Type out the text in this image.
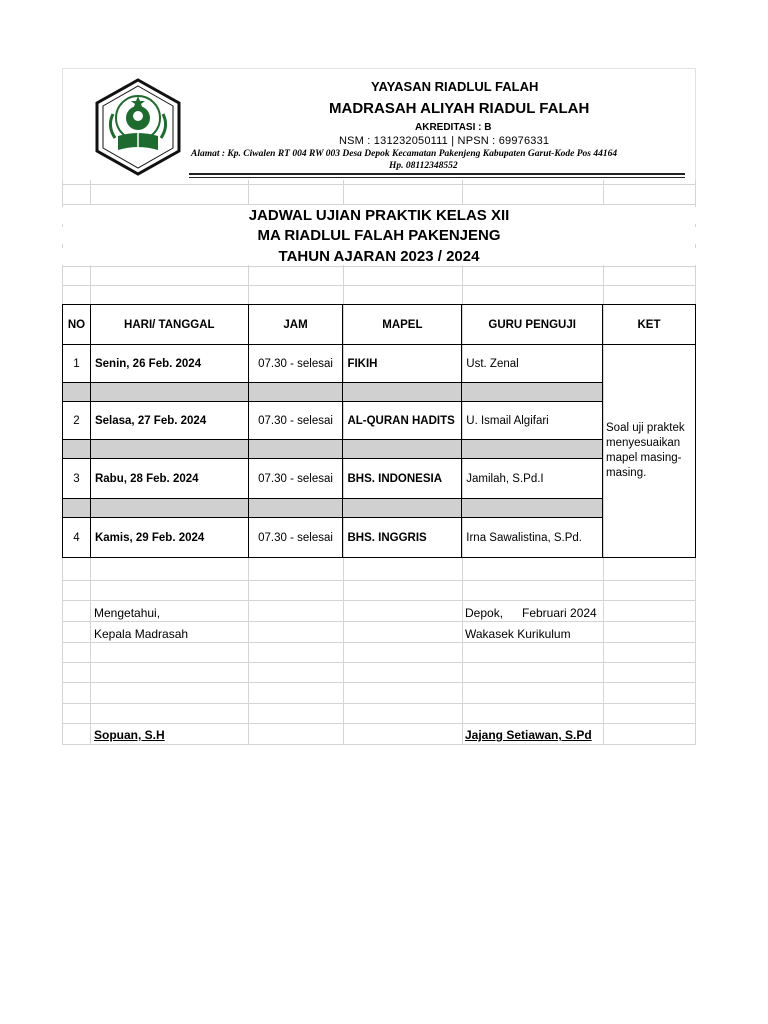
YAYASAN RIADLUL FALAH
MADRASAH ALIYAH RIADUL FALAH
AKREDITASI : B
NSM : 131232050111 | NPSN : 69976331
Alamat : Kp. Ciwalen RT 004 RW 003 Desa Depok Kecamatan Pakenjeng Kabupaten Garut-Kode Pos 44164
Hp. 08112348552
JADWAL UJIAN PRAKTIK KELAS XII
MA RIADLUL FALAH PAKENJENG
TAHUN AJARAN 2023 / 2024
NO	HARI/ TANGGAL	JAM	MAPEL	GURU PENGUJI	KET
1	Senin, 26 Feb. 2024	07.30 - selesai	FIKIH	Ust. Zenal	Soal uji praktek menyesuaikan mapel masing-masing.

2	Selasa, 27 Feb. 2024	07.30 - selesai	AL-QURAN HADITS	U. Ismail Algifari	

3	Rabu, 28 Feb. 2024	07.30 - selesai	BHS. INDONESIA	Jamilah, S.Pd.I	

4	Kamis, 29 Feb. 2024	07.30 - selesai	BHS. INGGRIS	Irna Sawalistina, S.Pd.	
Mengetahui,
Kepala Madrasah
Sopuan, S.H
Depok, Februari 2024
Wakasek Kurikulum
Jajang Setiawan, S.Pd
